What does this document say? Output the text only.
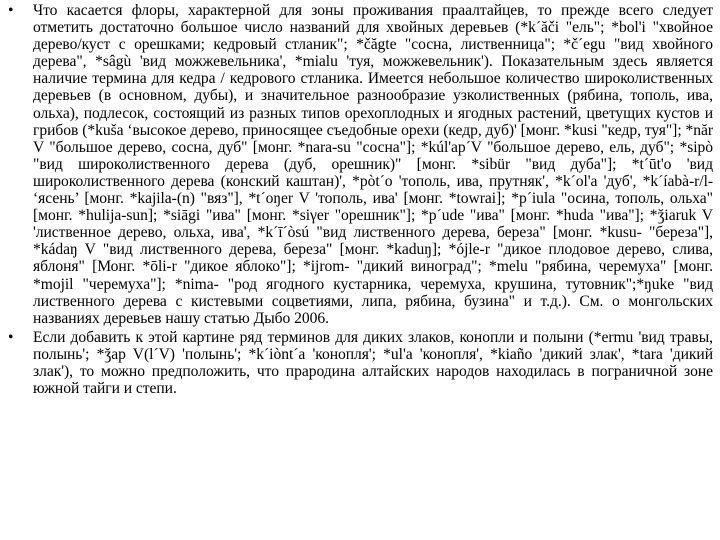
• Что касается флоры, характерной для зоны проживания праалтайцев, то прежде всего следует отметить достаточно большое число названий для хвойных деревьев (*k´ăči "ель"; *bol'i "хвойное дерево/куст с орешками; кедровый стланик"; *čăgte "сосна, лиственница"; *č´egu "вид хвойного дерева", *sâgù 'вид можжевельника', *mialu 'туя, можжевельник'). Показательным здесь является наличие термина для кедра / кедрового стланика. Имеется небольшое количество широколиственных деревьев (в основном, дубы), и значительное разнообразие узколиственных (рябина, тополь, ива, ольха), подлесок, состоящий из разных типов орехоплодных и ягодных растений, цветущих кустов и грибов (*kuša ‘высокое дерево, приносящее съедобные орехи (кедр, дуб)' [монг. *kusi "кедр, туя"]; *năr V "большое дерево, сосна, дуб" [монг. *nara-su "сосна"]; *kúl'ap´V "большое дерево, ель, дуб"; *sipò "вид широколиственного дерева (дуб, орешник)" [монг. *sibür "вид дуба"]; *t´ūt'o 'вид широколиственного дерева (конский каштан)', *pòt´o 'тополь, ива, прутняк', *k´ol'a 'дуб', *k´íabà-r/l- ‘ясень’ [монг. *kajila-(n) "вяз"], *t´oŋer V 'тополь, ива' [монг. *towrai]; *p´iula "осина, тополь, ольха" [монг. *hulija-sun]; *siāgi "ива" [монг. *siγer "орешник"]; *p´ude "ива" [монг. *huda "ива"]; *ǯiaruk V 'лиственное дерево, ольха, ива', *k´ī´òsú "вид лиственного дерева, береза" [монг. *kusu- "береза"], *kádaŋ V "вид лиственного дерева, береза" [монг. *kaduŋ]; *ójle-r "дикое плодовое дерево, слива, яблоня" [Монг. *ōli-r "дикое яблоко"]; *ijrom- "дикий виноград"; *melu "рябина, черемуха" [монг. *mojil "черемуха"]; *nima- "род ягодного кустарника, черемуха, крушина, тутовник";*ŋuke "вид лиственного дерева с кистевыми соцветиями, липа, рябина, бузина" и т.д.). См. о монгольских названиях деревьев нашу статью Дыбо 2006.
• Если добавить к этой картине ряд терминов для диких злаков, конопли и полыни (*ermu 'вид травы, полынь'; *ǯap V(l´V) 'полынь'; *k´iònt´a 'конопля'; *ul'a 'конопля', *kiaño 'дикий злак', *tara 'дикий злак'), то можно предположить, что прародина алтайских народов находилась в пограничной зоне южной тайги и степи.
